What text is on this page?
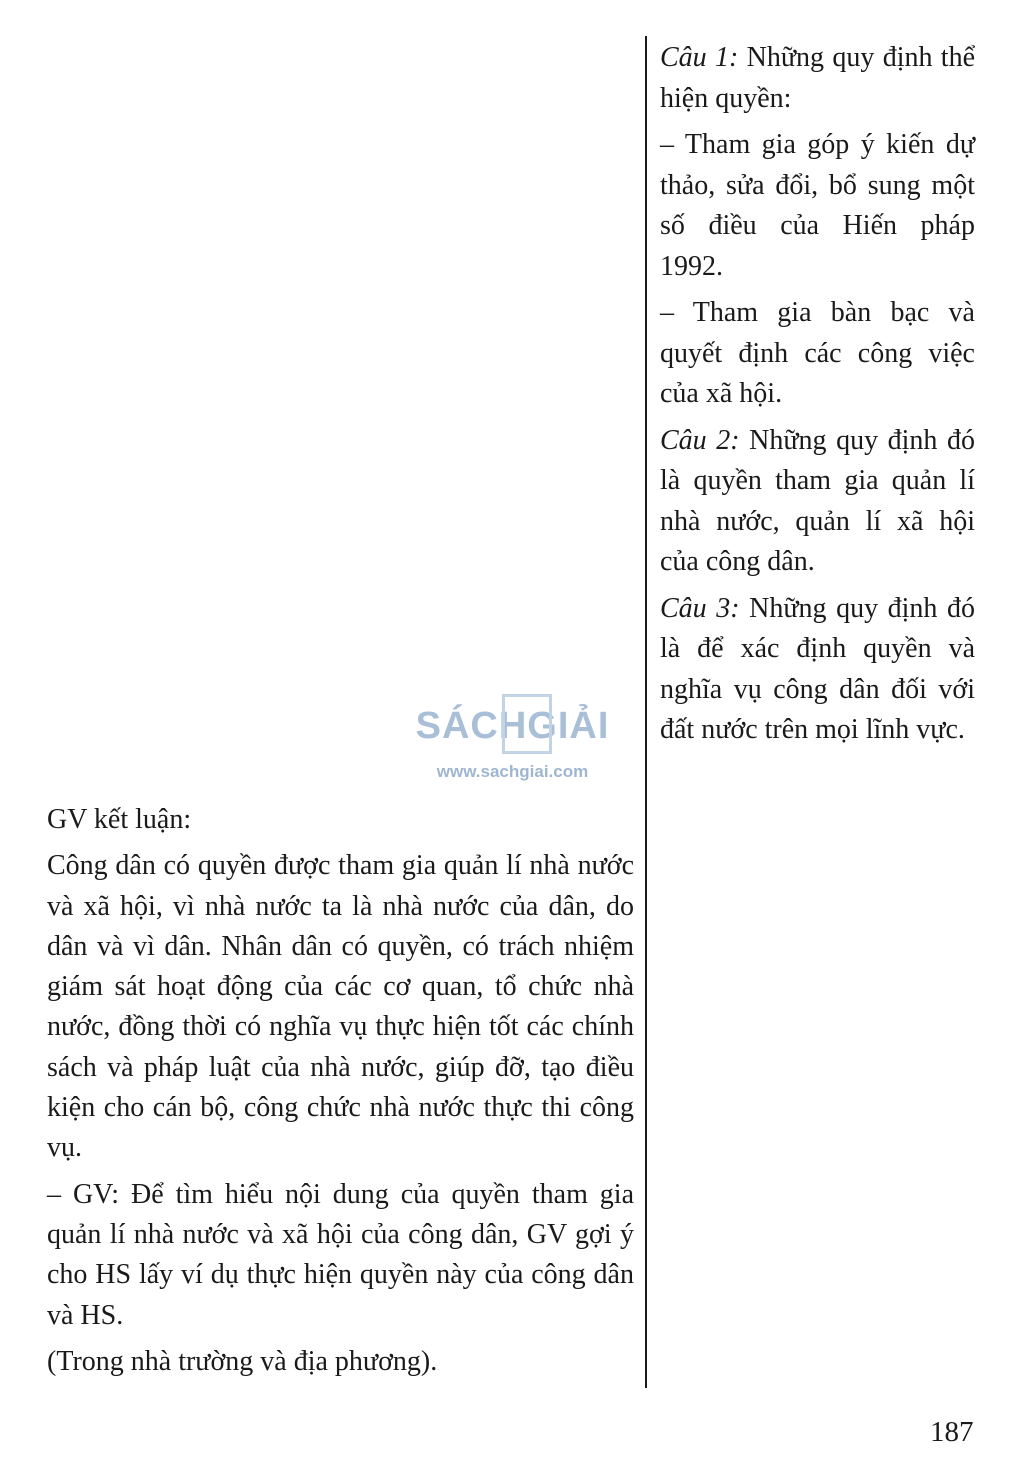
Câu 1: Những quy định thể hiện quyền:

– Tham gia góp ý kiến dự thảo, sửa đổi, bổ sung một số điều của Hiến pháp 1992.

– Tham gia bàn bạc và quyết định các công việc của xã hội.

Câu 2: Những quy định đó là quyền tham gia quản lí nhà nước, quản lí xã hội của công dân.

Câu 3: Những quy định đó là để xác định quyền và nghĩa vụ công dân đối với đất nước trên mọi lĩnh vực.

SÁCHGIẢI
www.sachgiai.com

GV kết luận:

Công dân có quyền được tham gia quản lí nhà nước và xã hội, vì nhà nước ta là nhà nước của dân, do dân và vì dân. Nhân dân có quyền, có trách nhiệm giám sát hoạt động của các cơ quan, tổ chức nhà nước, đồng thời có nghĩa vụ thực hiện tốt các chính sách và pháp luật của nhà nước, giúp đỡ, tạo điều kiện cho cán bộ, công chức nhà nước thực thi công vụ.

– GV: Để tìm hiểu nội dung của quyền tham gia quản lí nhà nước và xã hội của công dân, GV gợi ý cho HS lấy ví dụ thực hiện quyền này của công dân và HS.

(Trong nhà trường và địa phương).

187
